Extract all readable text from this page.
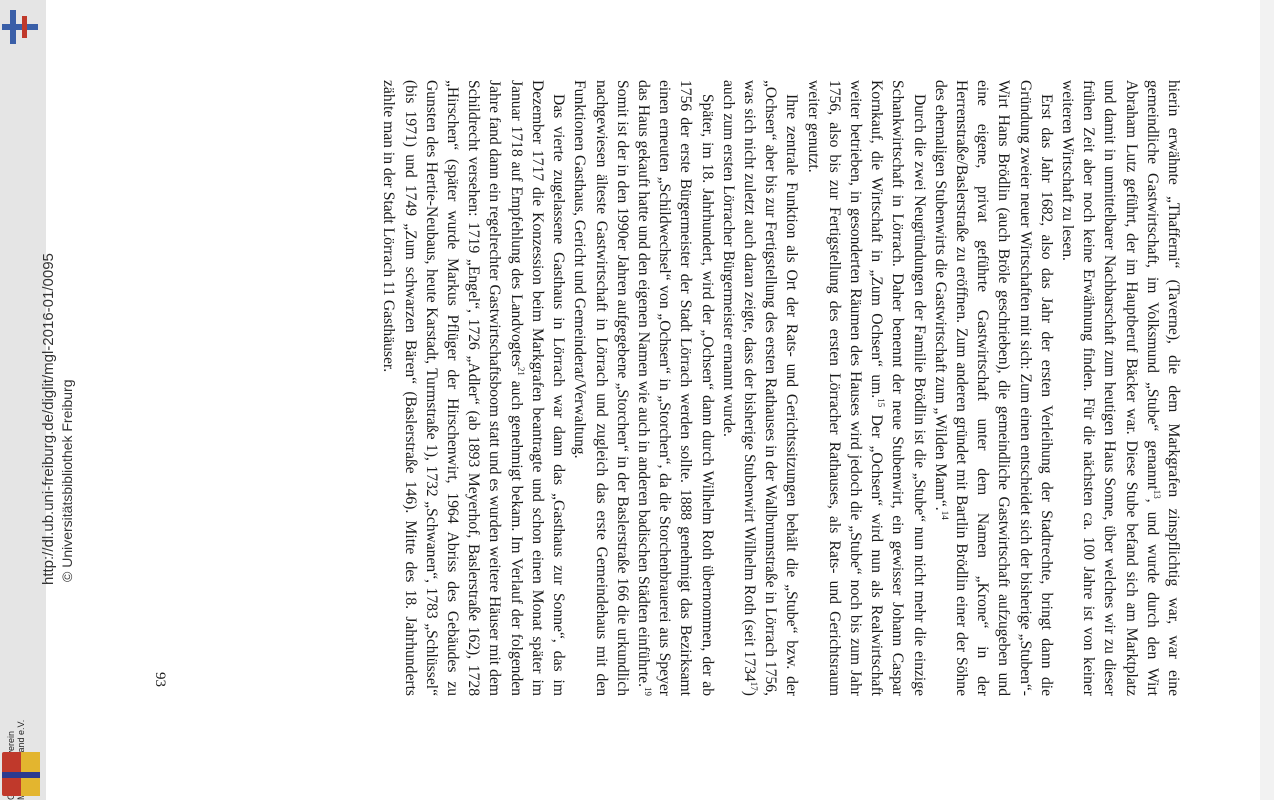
http://dl.ub.uni-freiburg.de/diglit/mgl-2016-01/0095 © Universitätsbibliothek Freiburg
e.V.

hierin erwähnte „Thafferni“ (Taverne), die dem Markgrafen zinspflichtig war, war eine gemeindliche Gastwirtschaft, im Volksmund „Stube“ genannt$^{13}$, und wurde durch den Wirt Abraham Lutz geführt, der im Hauptberuf Bäcker war. Diese Stube befand sich am Marktplatz und damit in unmittelbarer Nachbarschaft zum heutigen Haus Sonne, über welches wir zu dieser frühen Zeit aber noch keine Erwähnung finden. Für die nächsten ca. 100 Jahre ist von keiner weiteren Wirtschaft zu lesen.

Erst das Jahr 1682, also das Jahr der ersten Verleihung der Stadtrechte, bringt dann die Gründung zweier neuer Wirtschaften mit sich: Zum einen entscheidet sich der bisherige „Stuben“-Wirt Hans Brödlin (auch Bröle geschrieben), die gemeindliche Gastwirtschaft aufzugeben und eine eigene, privat geführte Gastwirtschaft unter dem Namen „Krone“ in der Herrenstraße/Baslerstraße zu eröffnen. Zum anderen gründet mit Bartlin Brödlin einer der Söhne des ehemaligen Stubenwirts die Gastwirtschaft zum „Wilden Mann“.$^{14}$

Durch die zwei Neugründungen der Familie Brödlin ist die „Stube“ nun nicht mehr die einzige Schankwirtschaft in Lörrach. Daher benennt der neue Stubenwirt, ein gewisser Johann Caspar Kornkauf, die Wirtschaft in „Zum Ochsen“ um.$^{15}$ Der „Ochsen“ wird nun als Realwirtschaft weiter betrieben, in gesonderten Räumen des Hauses wird jedoch die „Stube“ noch bis zum Jahr 1756, also bis zur Fertigstellung des ersten Lörracher Rathauses, als Rats- und Gerichtsraum weiter genutzt.

Ihre zentrale Funktion als Ort der Rats- und Gerichtssitzungen behält die „Stube“ bzw. der „Ochsen“ aber bis zur Fertigstellung des ersten Rathauses in der Wallbrunnstraße in Lörrach 1756, was sich nicht zuletzt auch daran zeigte, dass der bisherige Stubenwirt Wilhelm Roth (seit 1734$^{17}$) auch zum ersten Lörracher Bürgermeister ernannt wurde.

Später, im 18. Jahrhundert, wird der „Ochsen“ dann durch Wilhelm Roth übernommen, der ab 1756 der erste Bürgermeister der Stadt Lörrach werden sollte. 1888 genehmigt das Bezirksamt einen erneuten „Schildwechsel“ von „Ochsen“ in „Storchen“, da die Storchenbrauerei aus Speyer das Haus gekauft hatte und den eigenen Namen wie auch in anderen badischen Städten einführte.$^{19}$ Somit ist der in den 1990er Jahren aufgegebene „Storchen“ in der Baslerstraße 166 die urkundlich nachgewiesen älteste Gastwirtschaft in Lörrach und zugleich das erste Gemeindehaus mit den Funktionen Gasthaus, Gericht und Gemeinderat/Verwaltung.

Das vierte zugelassene Gasthaus in Lörrach war dann das „Gasthaus zur Sonne“, das im Dezember 1717 die Konzession beim Markgrafen beantragte und schon einen Monat später im Januar 1718 auf Empfehlung des Landvogtes$^{21}$ auch genehmigt bekam. Im Verlauf der folgenden Jahre fand dann ein regelrechter Gastwirtschaftsboom statt und es wurden weitere Häuser mit dem Schildrecht versehen: 1719 „Engel“, 1726 „Adler“ (ab 1893 Meyerhof, Baslerstraße 162), 1728 „Hirschen“ (später wurde Markus Pflüger der Hirschenwirt, 1964 Abriss des Gebäudes zu Gunsten des Hertie-Neubaus, heute Karstadt, Turmstraße 1), 1732 „Schwanen“, 1783 „Schlüssel“ (bis 1971) und 1749 „Zum schwarzen Bären“ (Baslerstraße 146). Mitte des 18. Jahrhunderts zählte man in der Stadt Lörrach 11 Gasthäuser.

93
